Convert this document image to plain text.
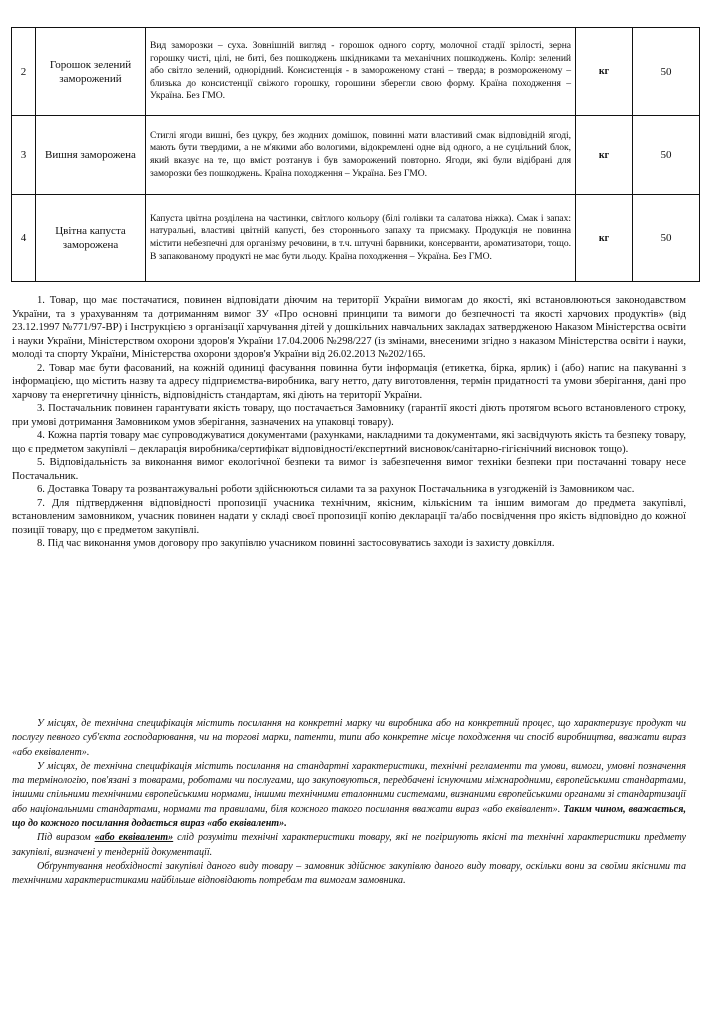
2	Горошок зелений заморожений	Вид заморозки – суха. Зовнішній вигляд - горошок одного сорту, молочної стадії зрілості, зерна горошку чисті, цілі, не биті, без пошкоджень шкідниками та механічних пошкоджень. Колір: зелений або світло зелений, однорідний. Консистенція - в замороженому стані – тверда; в розмороженому – близька до консистенції свіжого горошку, горошини зберегли свою форму. Країна походження – Україна. Без ГМО.	кг	50
3	Вишня заморожена	Стиглі ягоди вишні, без цукру, без жодних домішок, повинні мати властивий смак відповідній ягоді, мають бути твердими, а не м'якими або вологими, відокремлені одне від одного, а не суцільний блок, який вказує на те, що вміст розтанув і був заморожений повторно. Ягоди, які були відібрані для заморозки без пошкоджень. Країна походження – Україна. Без ГМО.	кг	50
4	Цвітна капуста заморожена	Капуста цвітна розділена на частинки, світлого кольору (білі голівки та салатова ніжка). Смак і запах: натуральні, властиві цвітній капусті, без стороннього запаху та присмаку. Продукція не повинна містити небезпечні для організму речовини, в т.ч. штучні барвники, консерванти, ароматизатори, тощо. В запакованому продукті не має бути льоду. Країна походження – Україна. Без ГМО.	кг	50

1. Товар, що має постачатися, повинен відповідати діючим на території України вимогам до якості, які встановлюються законодавством України, та з урахуванням та дотриманням вимог ЗУ «Про основні принципи та вимоги до безпечності та якості харчових продуктів» (від 23.12.1997 №771/97-ВР) і Інструкцією з організації харчування дітей у дошкільних навчальних закладах затвердженою Наказом Міністерства освіти і науки України, Міністерством охорони здоров'я України 17.04.2006 №298/227 (із змінами, внесеними згідно з наказом Міністерства освіти і науки, молоді та спорту України, Міністерства охорони здоров'я України від 26.02.2013 №202/165.

2. Товар має бути фасований, на кожній одиниці фасування повинна бути інформація (етикетка, бірка, ярлик) і (або) напис на пакуванні з інформацією, що містить назву та адресу підприємства-виробника, вагу нетто, дату виготовлення, термін придатності та умови зберігання, дані про харчову та енергетичну цінність, відповідність стандартам, які діють на території України.

3. Постачальник повинен гарантувати якість товару, що постачається Замовнику (гарантії якості діють протягом всього встановленого строку, при умові дотримання Замовником умов зберігання, зазначених на упаковці товару).

4. Кожна партія товару має супроводжуватися документами (рахунками, накладними та документами, які засвідчують якість та безпеку товару, що є предметом закупівлі – декларація виробника/сертифікат відповідності/експертний висновок/санітарно-гігієнічний висновок тощо).

5. Відповідальність за виконання вимог екологічної безпеки та вимог із забезпечення вимог техніки безпеки при постачанні товару несе Постачальник.

6. Доставка Товару та розвантажувальні роботи здійснюються силами та за рахунок Постачальника в узгодженій із Замовником час.

7. Для підтвердження відповідності пропозиції учасника технічним, якісним, кількісним та іншим вимогам до предмета закупівлі, встановленим замовником, учасник повинен надати у складі своєї пропозиції копію декларації та/або посвідчення про якість відповідно до кожної позиції товару, що є предметом закупівлі.

8. Під час виконання умов договору про закупівлю учасником повинні застосовуватись заходи із захисту довкілля.

У місцях, де технічна специфікація містить посилання на конкретні марку чи виробника або на конкретний процес, що характеризує продукт чи послугу певного суб'єкта господарювання, чи на торгові марки, патенти, типи або конкретне місце походження чи спосіб виробництва, вважати вираз «або еквівалент».

У місцях, де технічна специфікація містить посилання на стандартні характеристики, технічні регламенти та умови, вимоги, умовні позначення та термінологію, пов'язані з товарами, роботами чи послугами, що закуповуються, передбачені існуючими міжнародними, європейськими стандартами, іншими спільними технічними європейськими нормами, іншими технічними еталонними системами, визнаними європейськими органами зі стандартизації або національними стандартами, нормами та правилами, біля кожного такого посилання вважати вираз «або еквівалент». Таким чином, вважається, що до кожного посилання додається вираз «або еквівалент».

Під виразом «або еквівалент» слід розуміти технічні характеристики товару, які не погіршують якісні та технічні характеристики предмету закупівлі, визначені у тендерній документації.

Обґрунтування необхідності закупівлі даного виду товару – замовник здійснює закупівлю даного виду товару, оскільки вони за своїми якісними та технічними характеристиками найбільше відповідають потребам та вимогам замовника.
